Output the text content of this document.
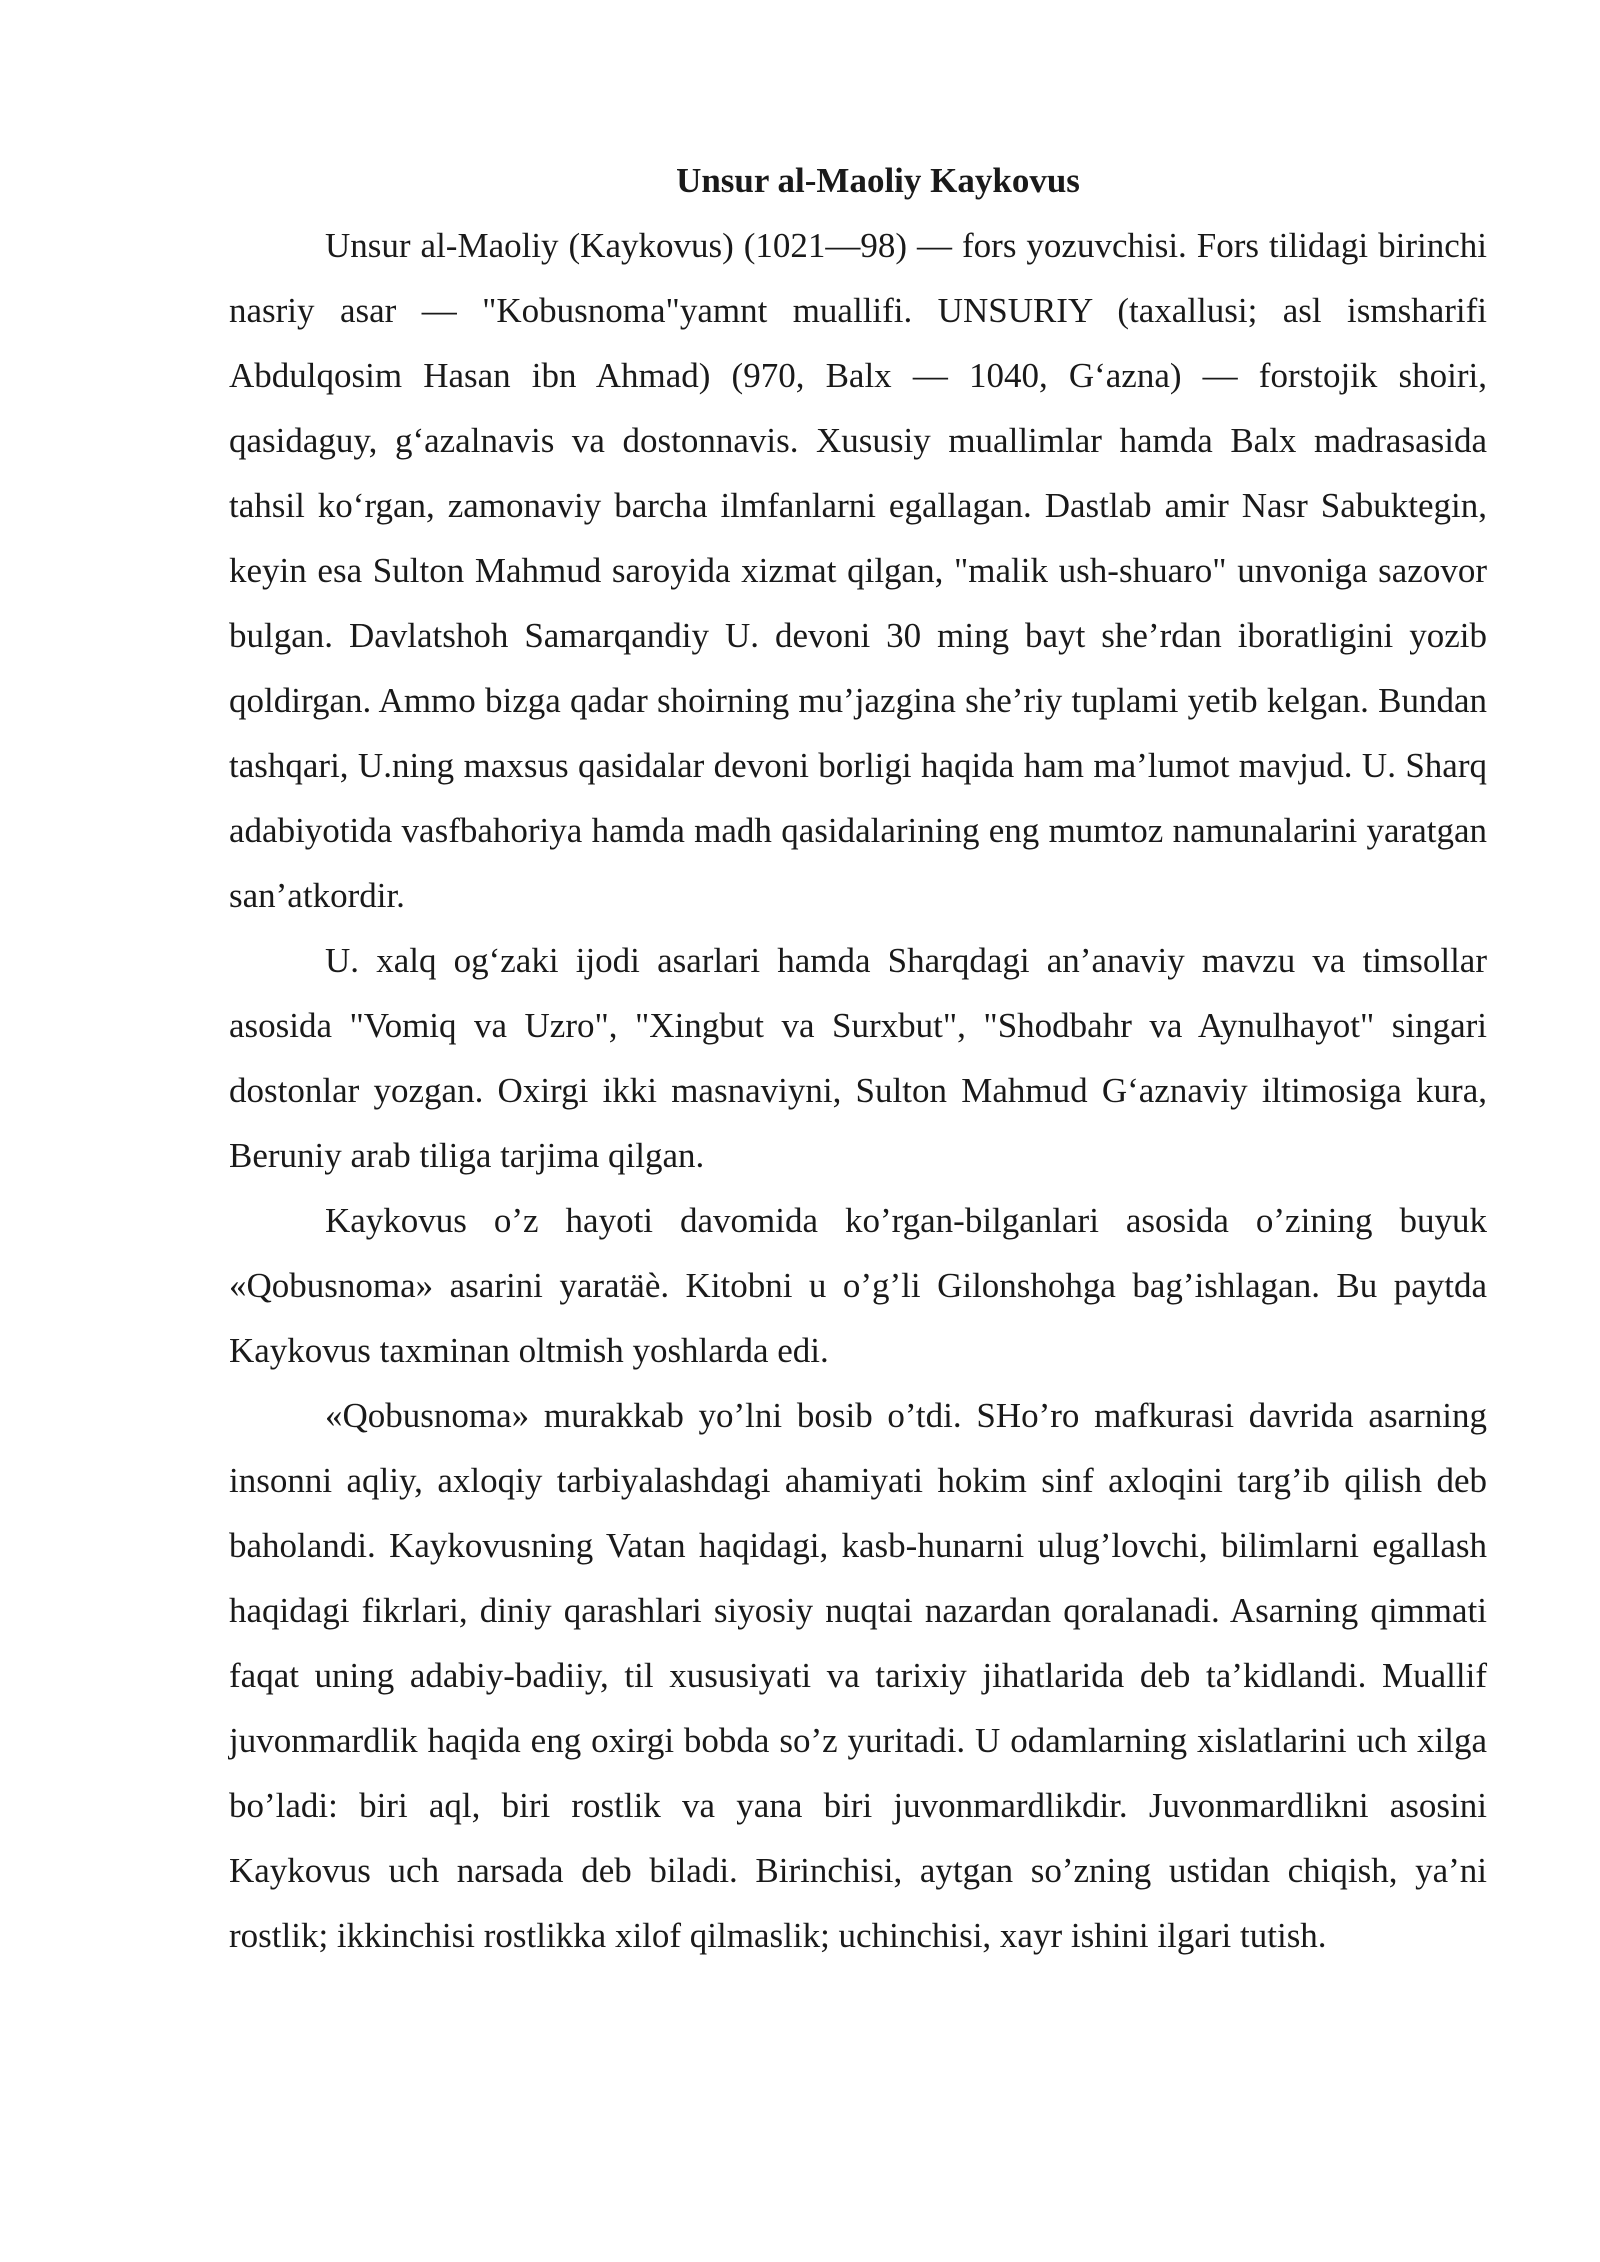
Unsur al-Maoliy Kaykovus

Unsur al-Maoliy (Kaykovus) (1021—98) — fors yozuvchisi. Fors tilidagi birinchi nasriy asar — "Kobusnoma"yamnt muallifi. UNSURIY (taxallusi; asl ismsharifi Abdulqosim Hasan ibn Ahmad) (970, Balx — 1040, G‘azna) — forstojik shoiri, qasidaguy, g‘azalnavis va dostonnavis. Xususiy muallimlar hamda Balx madrasasida tahsil ko‘rgan, zamonaviy barcha ilmfanlarni egallagan. Dastlab amir Nasr Sabuktegin, keyin esa Sulton Mahmud saroyida xizmat qilgan, "malik ush-shuaro" unvoniga sazovor bulgan. Davlatshoh Samarqandiy U. devoni 30 ming bayt she’rdan iboratligini yozib qoldirgan. Ammo bizga qadar shoirning mu’jazgina she’riy tuplami yetib kelgan. Bundan tashqari, U.ning maxsus qasidalar devoni borligi haqida ham ma’lumot mavjud. U. Sharq adabiyotida vasfbahoriya hamda madh qasidalarining eng mumtoz namunalarini yaratgan san’atkordir.

U. xalq og‘zaki ijodi asarlari hamda Sharqdagi an’anaviy mavzu va timsollar asosida "Vomiq va Uzro", "Xingbut va Surxbut", "Shodbahr va Aynulhayot" singari dostonlar yozgan. Oxirgi ikki masnaviyni, Sulton Mahmud G‘aznaviy iltimosiga kura, Beruniy arab tiliga tarjima qilgan.

Kaykovus o’z hayoti davomida ko’rgan-bilganlari asosida o’zining buyuk «Qobusnoma» asarini yaratäè. Kitobni u o’g’li Gilonshohga bag’ishlagan. Bu paytda Kaykovus taxminan oltmish yoshlarda edi.

«Qobusnoma» murakkab yo’lni bosib o’tdi. SHo’ro mafkurasi davrida asarning insonni aqliy, axloqiy tarbiyalashdagi ahamiyati hokim sinf axloqini targ’ib qilish deb baholandi. Kaykovusning Vatan haqidagi, kasb-hunarni ulug’lovchi, bilimlarni egallash haqidagi fikrlari, diniy qarashlari siyosiy nuqtai nazardan qoralanadi. Asarning qimmati faqat uning adabiy-badiiy, til xususiyati va tarixiy jihatlarida deb ta’kidlandi. Muallif juvonmardlik haqida eng oxirgi bobda so’z yuritadi. U odamlarning xislatlarini uch xilga bo’ladi: biri aql, biri rostlik va yana biri juvonmardlikdir. Juvonmardlikni asosini Kaykovus uch narsada deb biladi. Birinchisi, aytgan so’zning ustidan chiqish, ya’ni rostlik; ikkinchisi rostlikka xilof qilmaslik; uchinchisi, xayr ishini ilgari tutish.
